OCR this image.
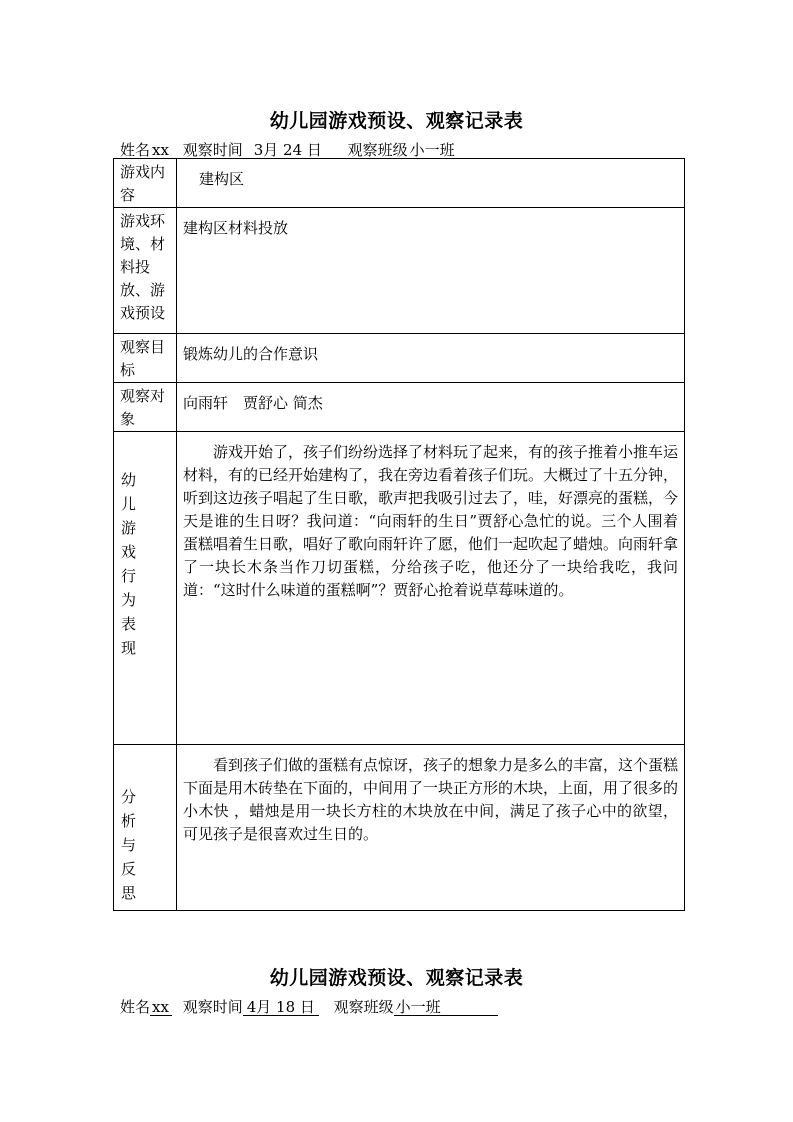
幼儿园游戏预设、观察记录表
姓名 xx 观察时间 3月 24 日 观察班级 小一班
游戏内容	建构区
游戏环境、材料投放、游戏预设	建构区材料投放
观察目标	锻炼幼儿的合作意识
观察对象	向雨轩　贾舒心 简杰

幼儿游戏行为表现	游戏开始了，孩子们纷纷选择了材料玩了起来，有的孩子推着小推车运材料，有的已经开始建构了，我在旁边看着孩子们玩。大概过了十五分钟，听到这边孩子唱起了生日歌，歌声把我吸引过去了，哇，好漂亮的蛋糕，今天是谁的生日呀？我问道：“向雨轩的生日”贾舒心急忙的说。三个人围着蛋糕唱着生日歌，唱好了歌向雨轩许了愿，他们一起吹起了蜡烛。向雨轩拿了一块长木条当作刀切蛋糕，分给孩子吃，他还分了一块给我吃，我问道：“这时什么味道的蛋糕啊”？贾舒心抢着说草莓味道的。

分析与反思	看到孩子们做的蛋糕有点惊讶，孩子的想象力是多么的丰富，这个蛋糕下面是用木砖垫在下面的，中间用了一块正方形的木块，上面，用了很多的小木快 ，蜡烛是用一块长方柱的木块放在中间，满足了孩子心中的欲望，可见孩子是很喜欢过生日的。

幼儿园游戏预设、观察记录表
姓名 xx 观察时间 4月 18 日 观察班级 小一班
